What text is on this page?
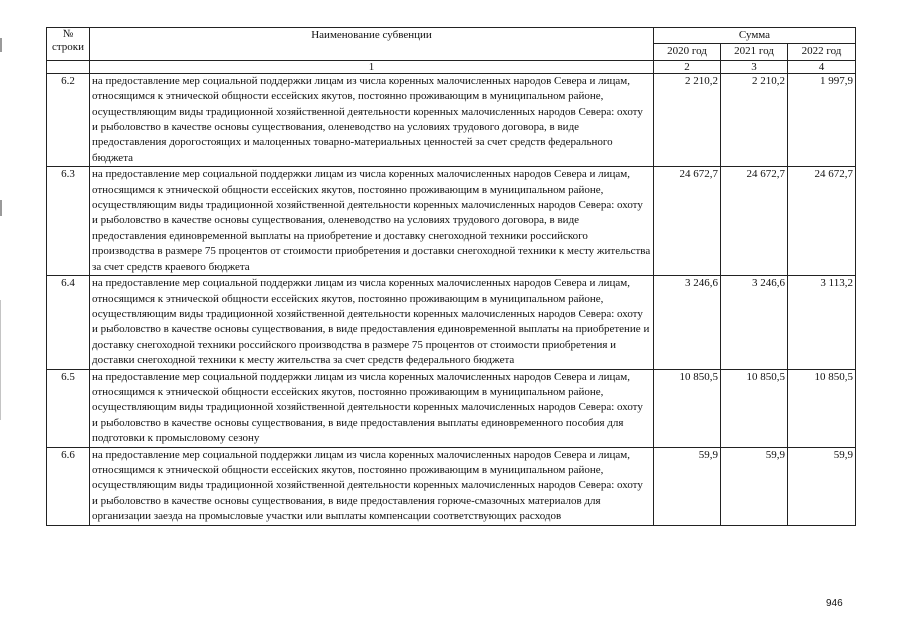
№
строки	Наименование субвенции	Сумма		
		2020 год	2021 год	2022 год
	1	2	3	4
6.2	на предоставление мер социальной поддержки лицам из числа коренных малочисленных народов Севера и лицам, относящимся к этнической общности ессейских якутов, постоянно проживающим в муниципальном районе, осуществляющим виды традиционной хозяйственной деятельности коренных малочисленных народов Севера: охоту и рыболовство в качестве основы существования, оленеводство на условиях трудового договора, в виде предоставления дорогостоящих и малоценных товарно-материальных ценностей за счет средств федерального бюджета	2 210,2	2 210,2	1 997,9
6.3	на предоставление мер социальной поддержки лицам из числа коренных малочисленных народов Севера и лицам, относящимся к этнической общности ессейских якутов, постоянно проживающим в муниципальном районе, осуществляющим виды традиционной хозяйственной деятельности коренных малочисленных народов Севера: охоту и рыболовство в качестве основы существования, оленеводство на условиях трудового договора, в виде предоставления единовременной выплаты на приобретение и доставку снегоходной техники российского производства в размере 75 процентов от стоимости приобретения и доставки снегоходной техники к месту жительства за счет средств краевого бюджета	24 672,7	24 672,7	24 672,7
6.4	на предоставление мер социальной поддержки лицам из числа коренных малочисленных народов Севера и лицам, относящимся к этнической общности ессейских якутов, постоянно проживающим в муниципальном районе, осуществляющим виды традиционной хозяйственной деятельности коренных малочисленных народов Севера: охоту и рыболовство в качестве основы существования, в виде предоставления единовременной выплаты на приобретение и доставку снегоходной техники российского производства в размере 75 процентов от стоимости приобретения и доставки снегоходной техники к месту жительства за счет средств федерального бюджета	3 246,6	3 246,6	3 113,2
6.5	на предоставление мер социальной поддержки лицам из числа коренных малочисленных народов Севера и лицам, относящимся к этнической общности ессейских якутов, постоянно проживающим в муниципальном районе, осуществляющим виды традиционной хозяйственной деятельности коренных малочисленных народов Севера: охоту и рыболовство в качестве основы существования, в виде предоставления выплаты единовременного пособия для подготовки к промысловому сезону	10 850,5	10 850,5	10 850,5
6.6	на предоставление мер социальной поддержки лицам из числа коренных малочисленных народов Севера и лицам, относящимся к этнической общности ессейских якутов, постоянно проживающим в муниципальном районе, осуществляющим виды традиционной хозяйственной деятельности коренных малочисленных народов Севера: охоту и рыболовство в качестве основы существования, в виде предоставления горюче-смазочных материалов для организации заезда на промысловые участки или выплаты компенсации соответствующих расходов	59,9	59,9	59,9
946
